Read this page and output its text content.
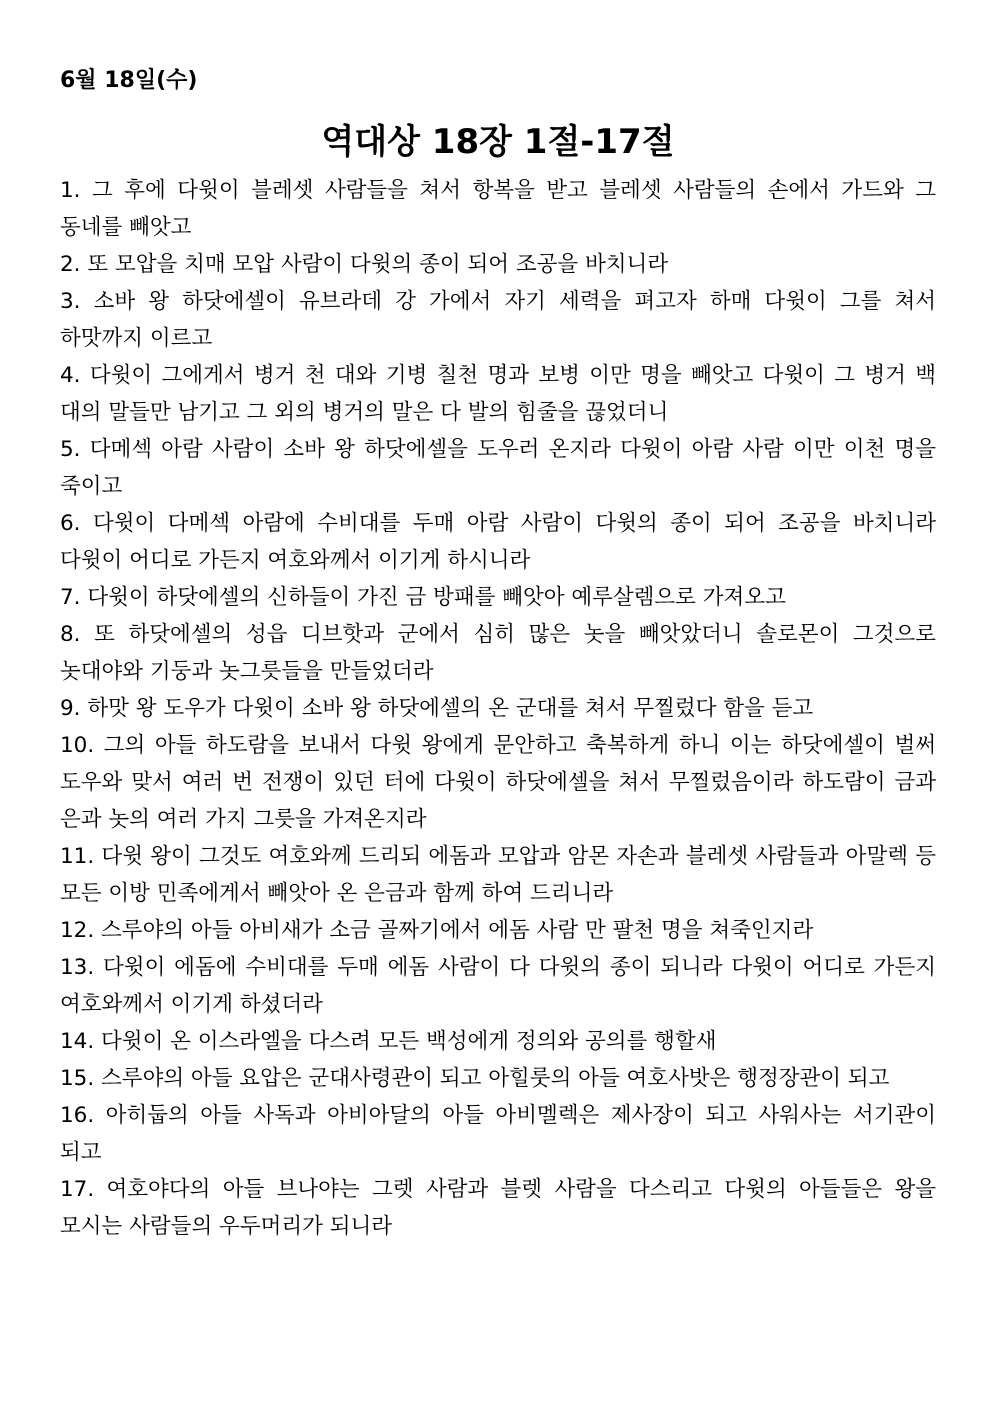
6월 18일(수)
역대상 18장 1절-17절

1. 그 후에 다윗이 블레셋 사람들을 쳐서 항복을 받고 블레셋 사람들의 손에서 가드와 그 동네를 빼앗고

2. 또 모압을 치매 모압 사람이 다윗의 종이 되어 조공을 바치니라

3. 소바 왕 하닷에셀이 유브라데 강 가에서 자기 세력을 펴고자 하매 다윗이 그를 쳐서 하맛까지 이르고

4. 다윗이 그에게서 병거 천 대와 기병 칠천 명과 보병 이만 명을 빼앗고 다윗이 그 병거 백 대의 말들만 남기고 그 외의 병거의 말은 다 발의 힘줄을 끊었더니

5. 다메섹 아람 사람이 소바 왕 하닷에셀을 도우러 온지라 다윗이 아람 사람 이만 이천 명을 죽이고

6. 다윗이 다메섹 아람에 수비대를 두매 아람 사람이 다윗의 종이 되어 조공을 바치니라 다윗이 어디로 가든지 여호와께서 이기게 하시니라

7. 다윗이 하닷에셀의 신하들이 가진 금 방패를 빼앗아 예루살렘으로 가져오고

8. 또 하닷에셀의 성읍 디브핫과 군에서 심히 많은 놋을 빼앗았더니 솔로몬이 그것으로 놋대야와 기둥과 놋그릇들을 만들었더라

9. 하맛 왕 도우가 다윗이 소바 왕 하닷에셀의 온 군대를 쳐서 무찔렀다 함을 듣고

10. 그의 아들 하도람을 보내서 다윗 왕에게 문안하고 축복하게 하니 이는 하닷에셀이 벌써 도우와 맞서 여러 번 전쟁이 있던 터에 다윗이 하닷에셀을 쳐서 무찔렀음이라 하도람이 금과 은과 놋의 여러 가지 그릇을 가져온지라

11. 다윗 왕이 그것도 여호와께 드리되 에돔과 모압과 암몬 자손과 블레셋 사람들과 아말렉 등 모든 이방 민족에게서 빼앗아 온 은금과 함께 하여 드리니라

12. 스루야의 아들 아비새가 소금 골짜기에서 에돔 사람 만 팔천 명을 쳐죽인지라

13. 다윗이 에돔에 수비대를 두매 에돔 사람이 다 다윗의 종이 되니라 다윗이 어디로 가든지 여호와께서 이기게 하셨더라

14. 다윗이 온 이스라엘을 다스려 모든 백성에게 정의와 공의를 행할새

15. 스루야의 아들 요압은 군대사령관이 되고 아힐룻의 아들 여호사밧은 행정장관이 되고

16. 아히둡의 아들 사독과 아비아달의 아들 아비멜렉은 제사장이 되고 사워사는 서기관이 되고

17. 여호야다의 아들 브나야는 그렛 사람과 블렛 사람을 다스리고 다윗의 아들들은 왕을 모시는 사람들의 우두머리가 되니라
